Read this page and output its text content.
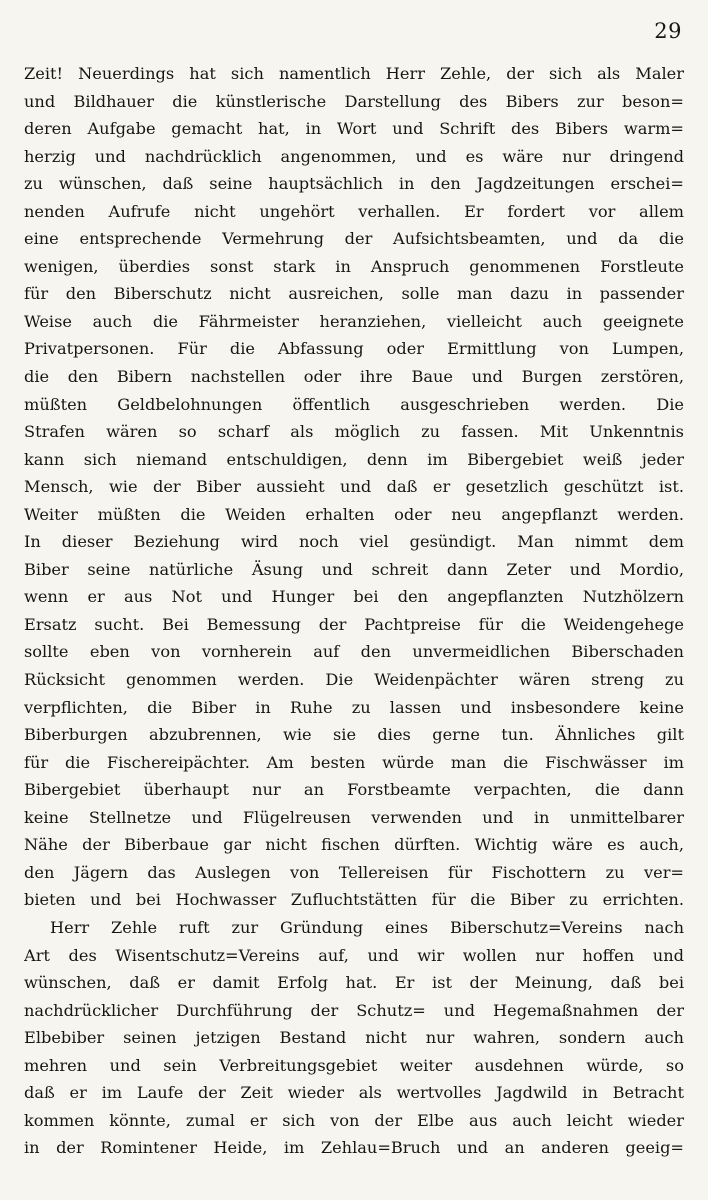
29
Zeit! Neuerdings hat sich namentlich Herr Zehle, der sich als Maler
und Bildhauer die künstlerische Darstellung des Bibers zur beson=
deren Aufgabe gemacht hat, in Wort und Schrift des Bibers warm=
herzig und nachdrücklich angenommen, und es wäre nur dringend
zu wünschen, daß seine hauptsächlich in den Jagdzeitungen erschei=
nenden Aufrufe nicht ungehört verhallen. Er fordert vor allem
eine entsprechende Vermehrung der Aufsichtsbeamten, und da die
wenigen, überdies sonst stark in Anspruch genommenen Forstleute
für den Biberschutz nicht ausreichen, solle man dazu in passender
Weise auch die Fährmeister heranziehen, vielleicht auch geeignete
Privatpersonen. Für die Abfassung oder Ermittlung von Lumpen,
die den Bibern nachstellen oder ihre Baue und Burgen zerstören,
müßten Geldbelohnungen öffentlich ausgeschrieben werden. Die
Strafen wären so scharf als möglich zu fassen. Mit Unkenntnis
kann sich niemand entschuldigen, denn im Bibergebiet weiß jeder
Mensch, wie der Biber aussieht und daß er gesetzlich geschützt ist.
Weiter müßten die Weiden erhalten oder neu angepflanzt werden.
In dieser Beziehung wird noch viel gesündigt. Man nimmt dem
Biber seine natürliche Äsung und schreit dann Zeter und Mordio,
wenn er aus Not und Hunger bei den angepflanzten Nutzhölzern
Ersatz sucht. Bei Bemessung der Pachtpreise für die Weidengehege
sollte eben von vornherein auf den unvermeidlichen Biberschaden
Rücksicht genommen werden. Die Weidenpächter wären streng zu
verpflichten, die Biber in Ruhe zu lassen und insbesondere keine
Biberburgen abzubrennen, wie sie dies gerne tun. Ähnliches gilt
für die Fischereipächter. Am besten würde man die Fischwässer im
Bibergebiet überhaupt nur an Forstbeamte verpachten, die dann
keine Stellnetze und Flügelreusen verwenden und in unmittelbarer
Nähe der Biberbaue gar nicht fischen dürften. Wichtig wäre es auch,
den Jägern das Auslegen von Tellereisen für Fischottern zu ver=
bieten und bei Hochwasser Zufluchtstätten für die Biber zu errichten.
Herr Zehle ruft zur Gründung eines Biberschutz=Vereins nach
Art des Wisentschutz=Vereins auf, und wir wollen nur hoffen und
wünschen, daß er damit Erfolg hat. Er ist der Meinung, daß bei
nachdrücklicher Durchführung der Schutz= und Hegemaßnahmen der
Elbebiber seinen jetzigen Bestand nicht nur wahren, sondern auch
mehren und sein Verbreitungsgebiet weiter ausdehnen würde, so
daß er im Laufe der Zeit wieder als wertvolles Jagdwild in Betracht
kommen könnte, zumal er sich von der Elbe aus auch leicht wieder
in der Romintener Heide, im Zehlau=Bruch und an anderen geeig=
